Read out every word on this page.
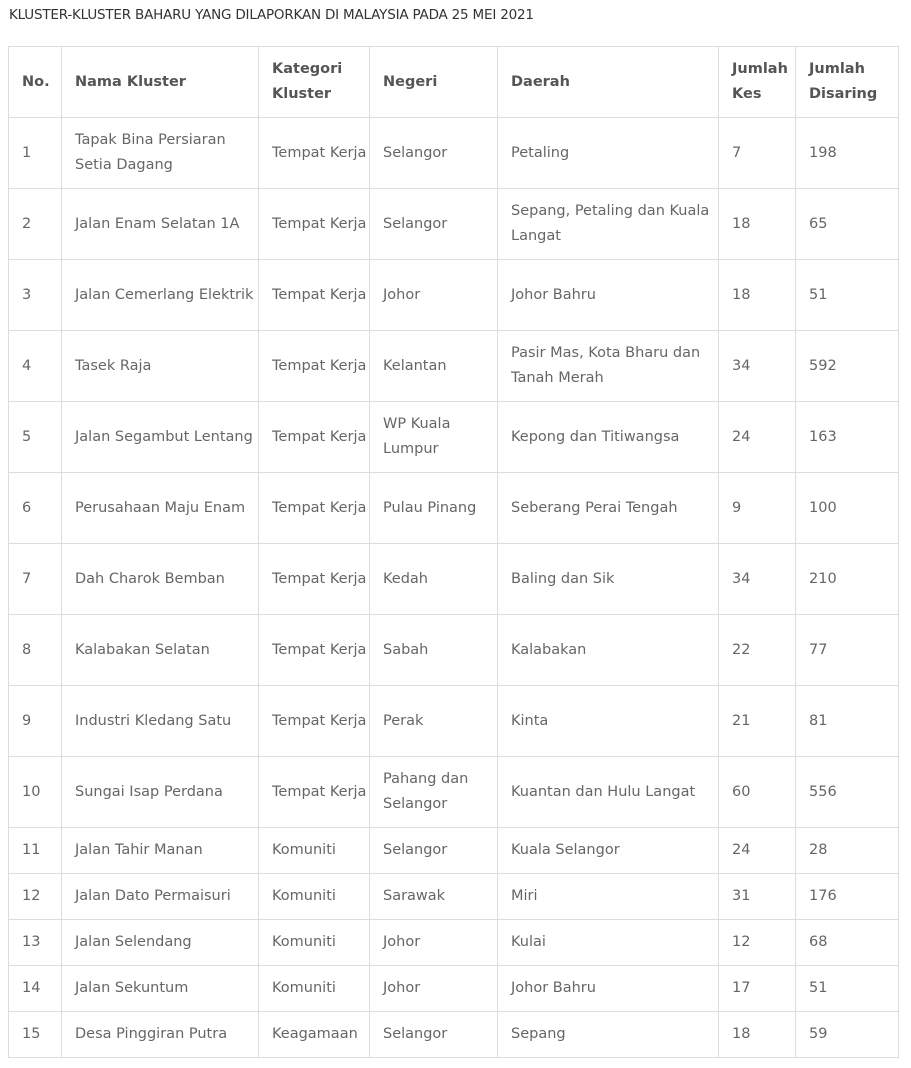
KLUSTER-KLUSTER BAHARU YANG DILAPORKAN DI MALAYSIA PADA 25 MEI 2021
No.	Nama Kluster	Kategori Kluster	Negeri	Daerah	Jumlah Kes	Jumlah Disaring
1	Tapak Bina Persiaran Setia Dagang	Tempat Kerja	Selangor	Petaling	7	198
2	Jalan Enam Selatan 1A	Tempat Kerja	Selangor	Sepang, Petaling dan Kuala Langat	18	65
3	Jalan Cemerlang Elektrik	Tempat Kerja	Johor	Johor Bahru	18	51
4	Tasek Raja	Tempat Kerja	Kelantan	Pasir Mas, Kota Bharu dan Tanah Merah	34	592
5	Jalan Segambut Lentang	Tempat Kerja	WP Kuala Lumpur	Kepong dan Titiwangsa	24	163
6	Perusahaan Maju Enam	Tempat Kerja	Pulau Pinang	Seberang Perai Tengah	9	100
7	Dah Charok Bemban	Tempat Kerja	Kedah	Baling dan Sik	34	210
8	Kalabakan Selatan	Tempat Kerja	Sabah	Kalabakan	22	77
9	Industri Kledang Satu	Tempat Kerja	Perak	Kinta	21	81
10	Sungai Isap Perdana	Tempat Kerja	Pahang dan Selangor	Kuantan dan Hulu Langat	60	556
11	Jalan Tahir Manan	Komuniti	Selangor	Kuala Selangor	24	28
12	Jalan Dato Permaisuri	Komuniti	Sarawak	Miri	31	176
13	Jalan Selendang	Komuniti	Johor	Kulai	12	68
14	Jalan Sekuntum	Komuniti	Johor	Johor Bahru	17	51
15	Desa Pinggiran Putra	Keagamaan	Selangor	Sepang	18	59
